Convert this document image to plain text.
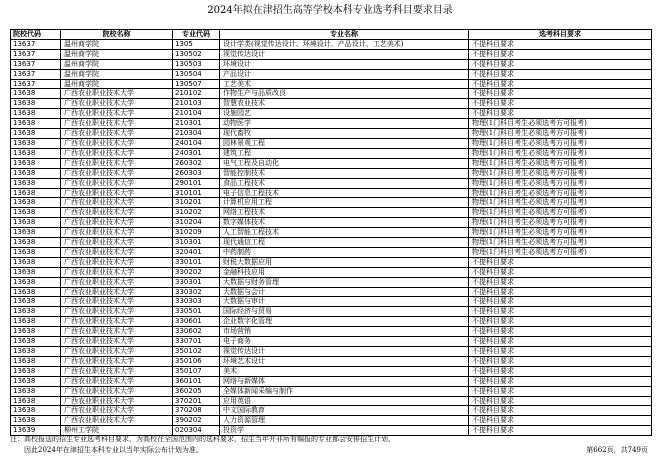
2024年拟在津招生高等学校本科专业选考科目要求目录
院校代码	院校名称	专业代码	专业名称	选考科目要求
13637	温州商学院	1305	设计学类(视觉传达设计、环境设计、产品设计、工艺美术)	不提科目要求
13637	温州商学院	130502	视觉传达设计	不提科目要求
13637	温州商学院	130503	环境设计	不提科目要求
13637	温州商学院	130504	产品设计	不提科目要求
13637	温州商学院	130507	工艺美术	不提科目要求
13638	广西农业职业技术大学	210102	作物生产与品质改良	不提科目要求
13638	广西农业职业技术大学	210103	智慧农业技术	不提科目要求
13638	广西农业职业技术大学	210104	设施园艺	不提科目要求
13638	广西农业职业技术大学	210301	动物医学	物理(1门科目考生必须选考方可报考)
13638	广西农业职业技术大学	210304	现代畜牧	物理(1门科目考生必须选考方可报考)
13638	广西农业职业技术大学	240104	园林景观工程	物理(1门科目考生必须选考方可报考)
13638	广西农业职业技术大学	240301	建筑工程	物理(1门科目考生必须选考方可报考)
13638	广西农业职业技术大学	260302	电气工程及自动化	物理(1门科目考生必须选考方可报考)
13638	广西农业职业技术大学	260303	智能控制技术	物理(1门科目考生必须选考方可报考)
13638	广西农业职业技术大学	290101	食品工程技术	物理(1门科目考生必须选考方可报考)
13638	广西农业职业技术大学	310101	电子信息工程技术	物理(1门科目考生必须选考方可报考)
13638	广西农业职业技术大学	310201	计算机应用工程	物理(1门科目考生必须选考方可报考)
13638	广西农业职业技术大学	310202	网络工程技术	物理(1门科目考生必须选考方可报考)
13638	广西农业职业技术大学	310204	数字媒体技术	物理(1门科目考生必须选考方可报考)
13638	广西农业职业技术大学	310209	人工智能工程技术	物理(1门科目考生必须选考方可报考)
13638	广西农业职业技术大学	310301	现代通信工程	物理(1门科目考生必须选考方可报考)
13638	广西农业职业技术大学	320401	中药制药	物理(1门科目考生必须选考方可报考)
13638	广西农业职业技术大学	330101	财税大数据应用	不提科目要求
13638	广西农业职业技术大学	330202	金融科技应用	不提科目要求
13638	广西农业职业技术大学	330301	大数据与财务管理	不提科目要求
13638	广西农业职业技术大学	330302	大数据与会计	不提科目要求
13638	广西农业职业技术大学	330303	大数据与审计	不提科目要求
13638	广西农业职业技术大学	330501	国际经济与贸易	不提科目要求
13638	广西农业职业技术大学	330601	企业数字化管理	不提科目要求
13638	广西农业职业技术大学	330602	市场营销	不提科目要求
13638	广西农业职业技术大学	330701	电子商务	不提科目要求
13638	广西农业职业技术大学	350102	视觉传达设计	不提科目要求
13638	广西农业职业技术大学	350106	环境艺术设计	不提科目要求
13638	广西农业职业技术大学	350107	美术	不提科目要求
13638	广西农业职业技术大学	360101	网络与新媒体	不提科目要求
13638	广西农业职业技术大学	360205	全媒体新闻采编与制作	不提科目要求
13638	广西农业职业技术大学	370201	应用英语	不提科目要求
13638	广西农业职业技术大学	370208	中文国际教育	不提科目要求
13638	广西农业职业技术大学	390202	人力资源管理	不提科目要求
13639	柳州工学院	020304	投资学	不提科目要求
注：高校报送的招生专业选考科目要求，为高校在全国范围内的选科要求，招生当年并非所有编报的专业都会安排招生计划，
因此2024年在津招生本科专业以当年实际公布计划为准。	第662页，共749页
